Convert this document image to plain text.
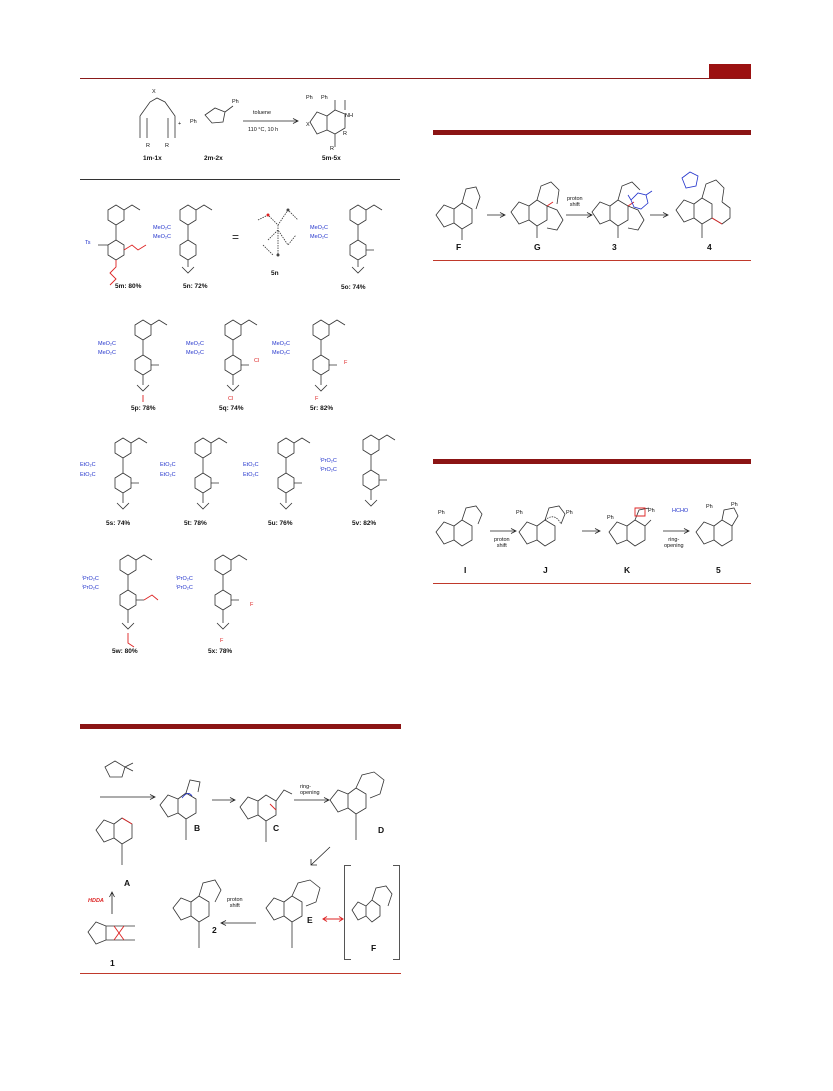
X
R	R
1m-1x
+
Ph
Ph
2m-2x
toluene
110 °C, 10 h
Ph Ph
NH
X
R
R
5m-5x
Ts
5m: 80%
MeO₂C
MeO₂C
5n: 72%
=
5n
MeO₂C
MeO₂C
5o: 74%
MeO₂C
MeO₂C
5p: 78%
MeO₂C
MeO₂C
Cl
Cl
5q: 74%
MeO₂C
MeO₂C
F
F
5r: 82%
EtO₂C
EtO₂C
5s: 74%
EtO₂C
EtO₂C
5t: 78%
EtO₂C
EtO₂C
5u: 76%
ⁱPrO₂C
ⁱPrO₂C
5v: 82%
ⁱPrO₂C
ⁱPrO₂C
5w: 80%
ⁱPrO₂C
ⁱPrO₂C
F
F
5x: 78%
A
B	C
ring-
opening
D
E
F
proton
shift
2
HDDA
1
F	G
proton
shift
3	4
Ph
I
proton
shift
Ph	Ph
J
Ph
Ph
K
HCHO
ring-
opening
Ph	Ph
5
